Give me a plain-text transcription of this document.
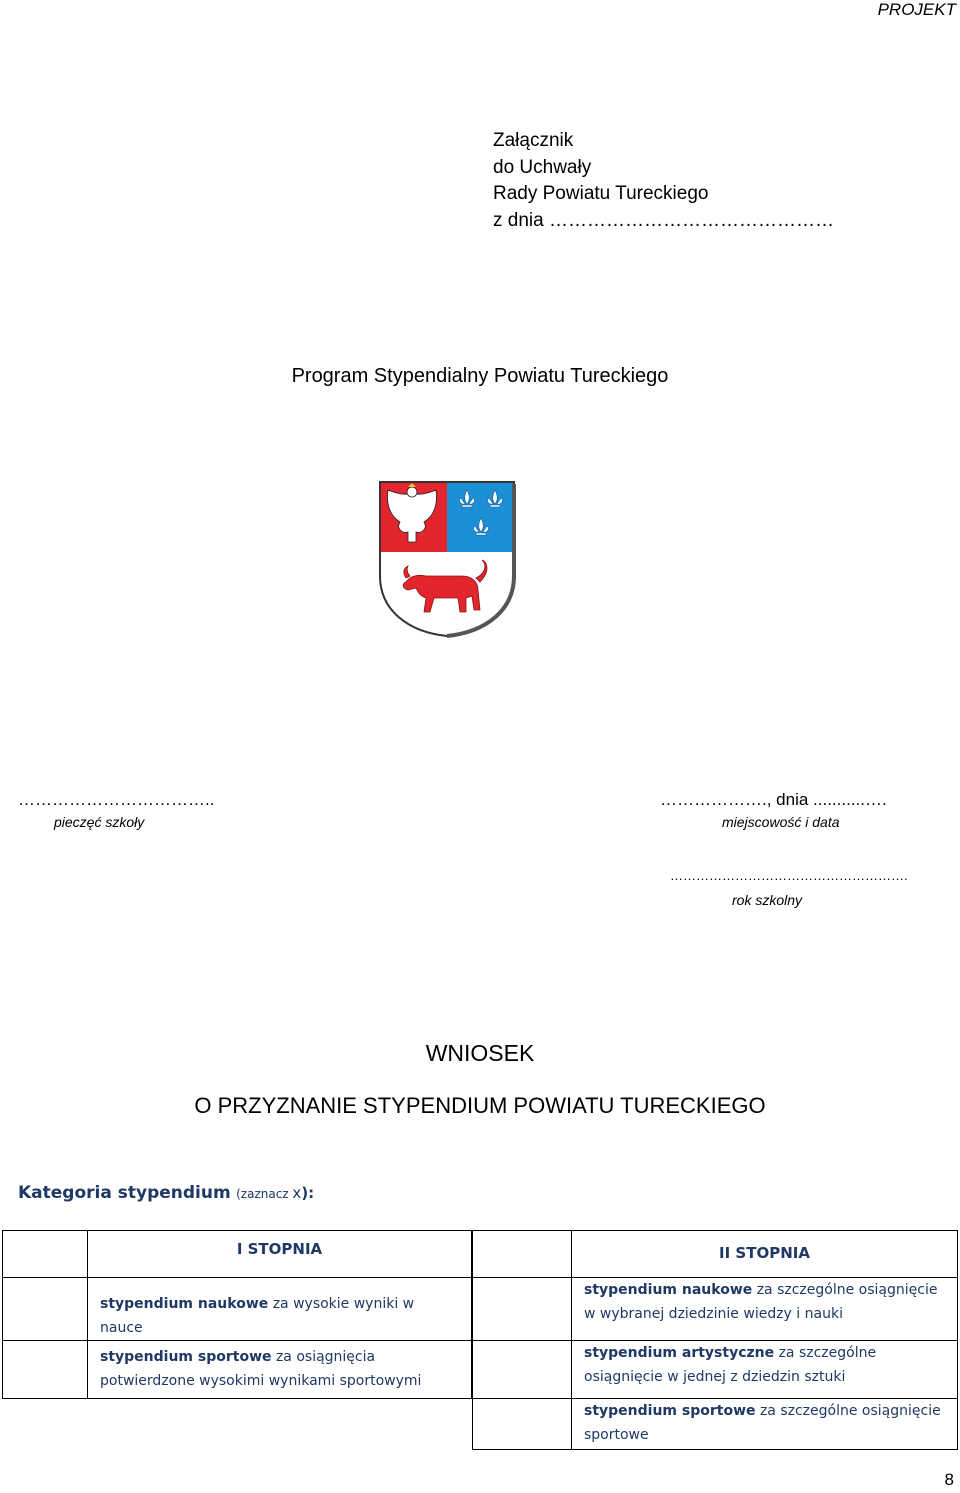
PROJEKT
Załącznik
do Uchwały
Rady Powiatu Tureckiego
z dnia ………………………………………
Program Stypendialny Powiatu Tureckiego
……………………………..
pieczęć szkoły
………………., dnia ...........….
miejscowość i data
……………………………………………….
rok szkolny
WNIOSEK
O PRZYZNANIE STYPENDIUM POWIATU TURECKIEGO
Kategoria stypendium (zaznacz x):
I STOPNIA
stypendium naukowe za wysokie wyniki w nauce
stypendium sportowe za osiągnięcia potwierdzone wysokimi wynikami sportowymi
II STOPNIA
stypendium naukowe za szczególne osiągnięcie w wybranej dziedzinie wiedzy i nauki
stypendium artystyczne za szczególne osiągnięcie w jednej z dziedzin sztuki
stypendium sportowe za szczególne osiągnięcie sportowe
8
